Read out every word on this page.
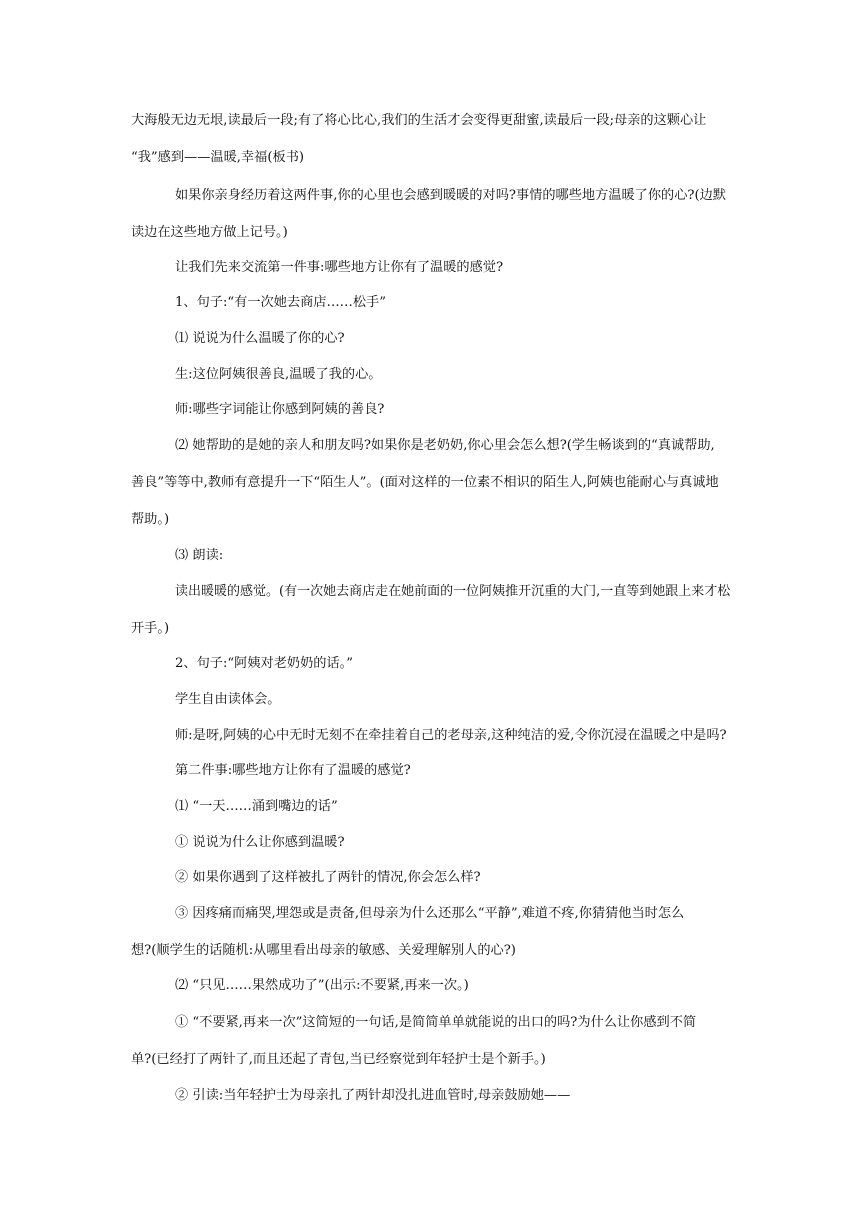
大海般无边无垠,读最后一段;有了将心比心,我们的生活才会变得更甜蜜,读最后一段;母亲的这颗心让
“我”感到——温暖,幸福(板书)
如果你亲身经历着这两件事,你的心里也会感到暖暖的对吗?事情的哪些地方温暖了你的心?(边默
读边在这些地方做上记号。)
让我们先来交流第一件事:哪些地方让你有了温暖的感觉?
1、句子:“有一次她去商店……松手”
⑴ 说说为什么温暖了你的心?
生:这位阿姨很善良,温暖了我的心。
师:哪些字词能让你感到阿姨的善良?
⑵ 她帮助的是她的亲人和朋友吗?如果你是老奶奶,你心里会怎么想?(学生畅谈到的“真诚帮助,
善良”等等中,教师有意提升一下“陌生人”。(面对这样的一位素不相识的陌生人,阿姨也能耐心与真诚地
帮助。)
⑶ 朗读:
读出暖暖的感觉。(有一次她去商店走在她前面的一位阿姨推开沉重的大门,一直等到她跟上来才松
开手。)
2、句子:“阿姨对老奶奶的话。”
学生自由读体会。
师:是呀,阿姨的心中无时无刻不在牵挂着自己的老母亲,这种纯洁的爱,令你沉浸在温暖之中是吗?
第二件事:哪些地方让你有了温暖的感觉?
⑴ “一天……涌到嘴边的话”
① 说说为什么让你感到温暖?
② 如果你遇到了这样被扎了两针的情况,你会怎么样?
③ 因疼痛而痛哭,埋怨或是责备,但母亲为什么还那么“平静”,难道不疼,你猜猜他当时怎么
想?(顺学生的话随机:从哪里看出母亲的敏感、关爱理解别人的心?)
⑵ “只见……果然成功了”(出示:不要紧,再来一次。)
① “不要紧,再来一次”这简短的一句话,是简简单单就能说的出口的吗?为什么让你感到不简
单?(已经打了两针了,而且还起了青包,当已经察觉到年轻护士是个新手。)
② 引读:当年轻护士为母亲扎了两针却没扎进血管时,母亲鼓励她——
